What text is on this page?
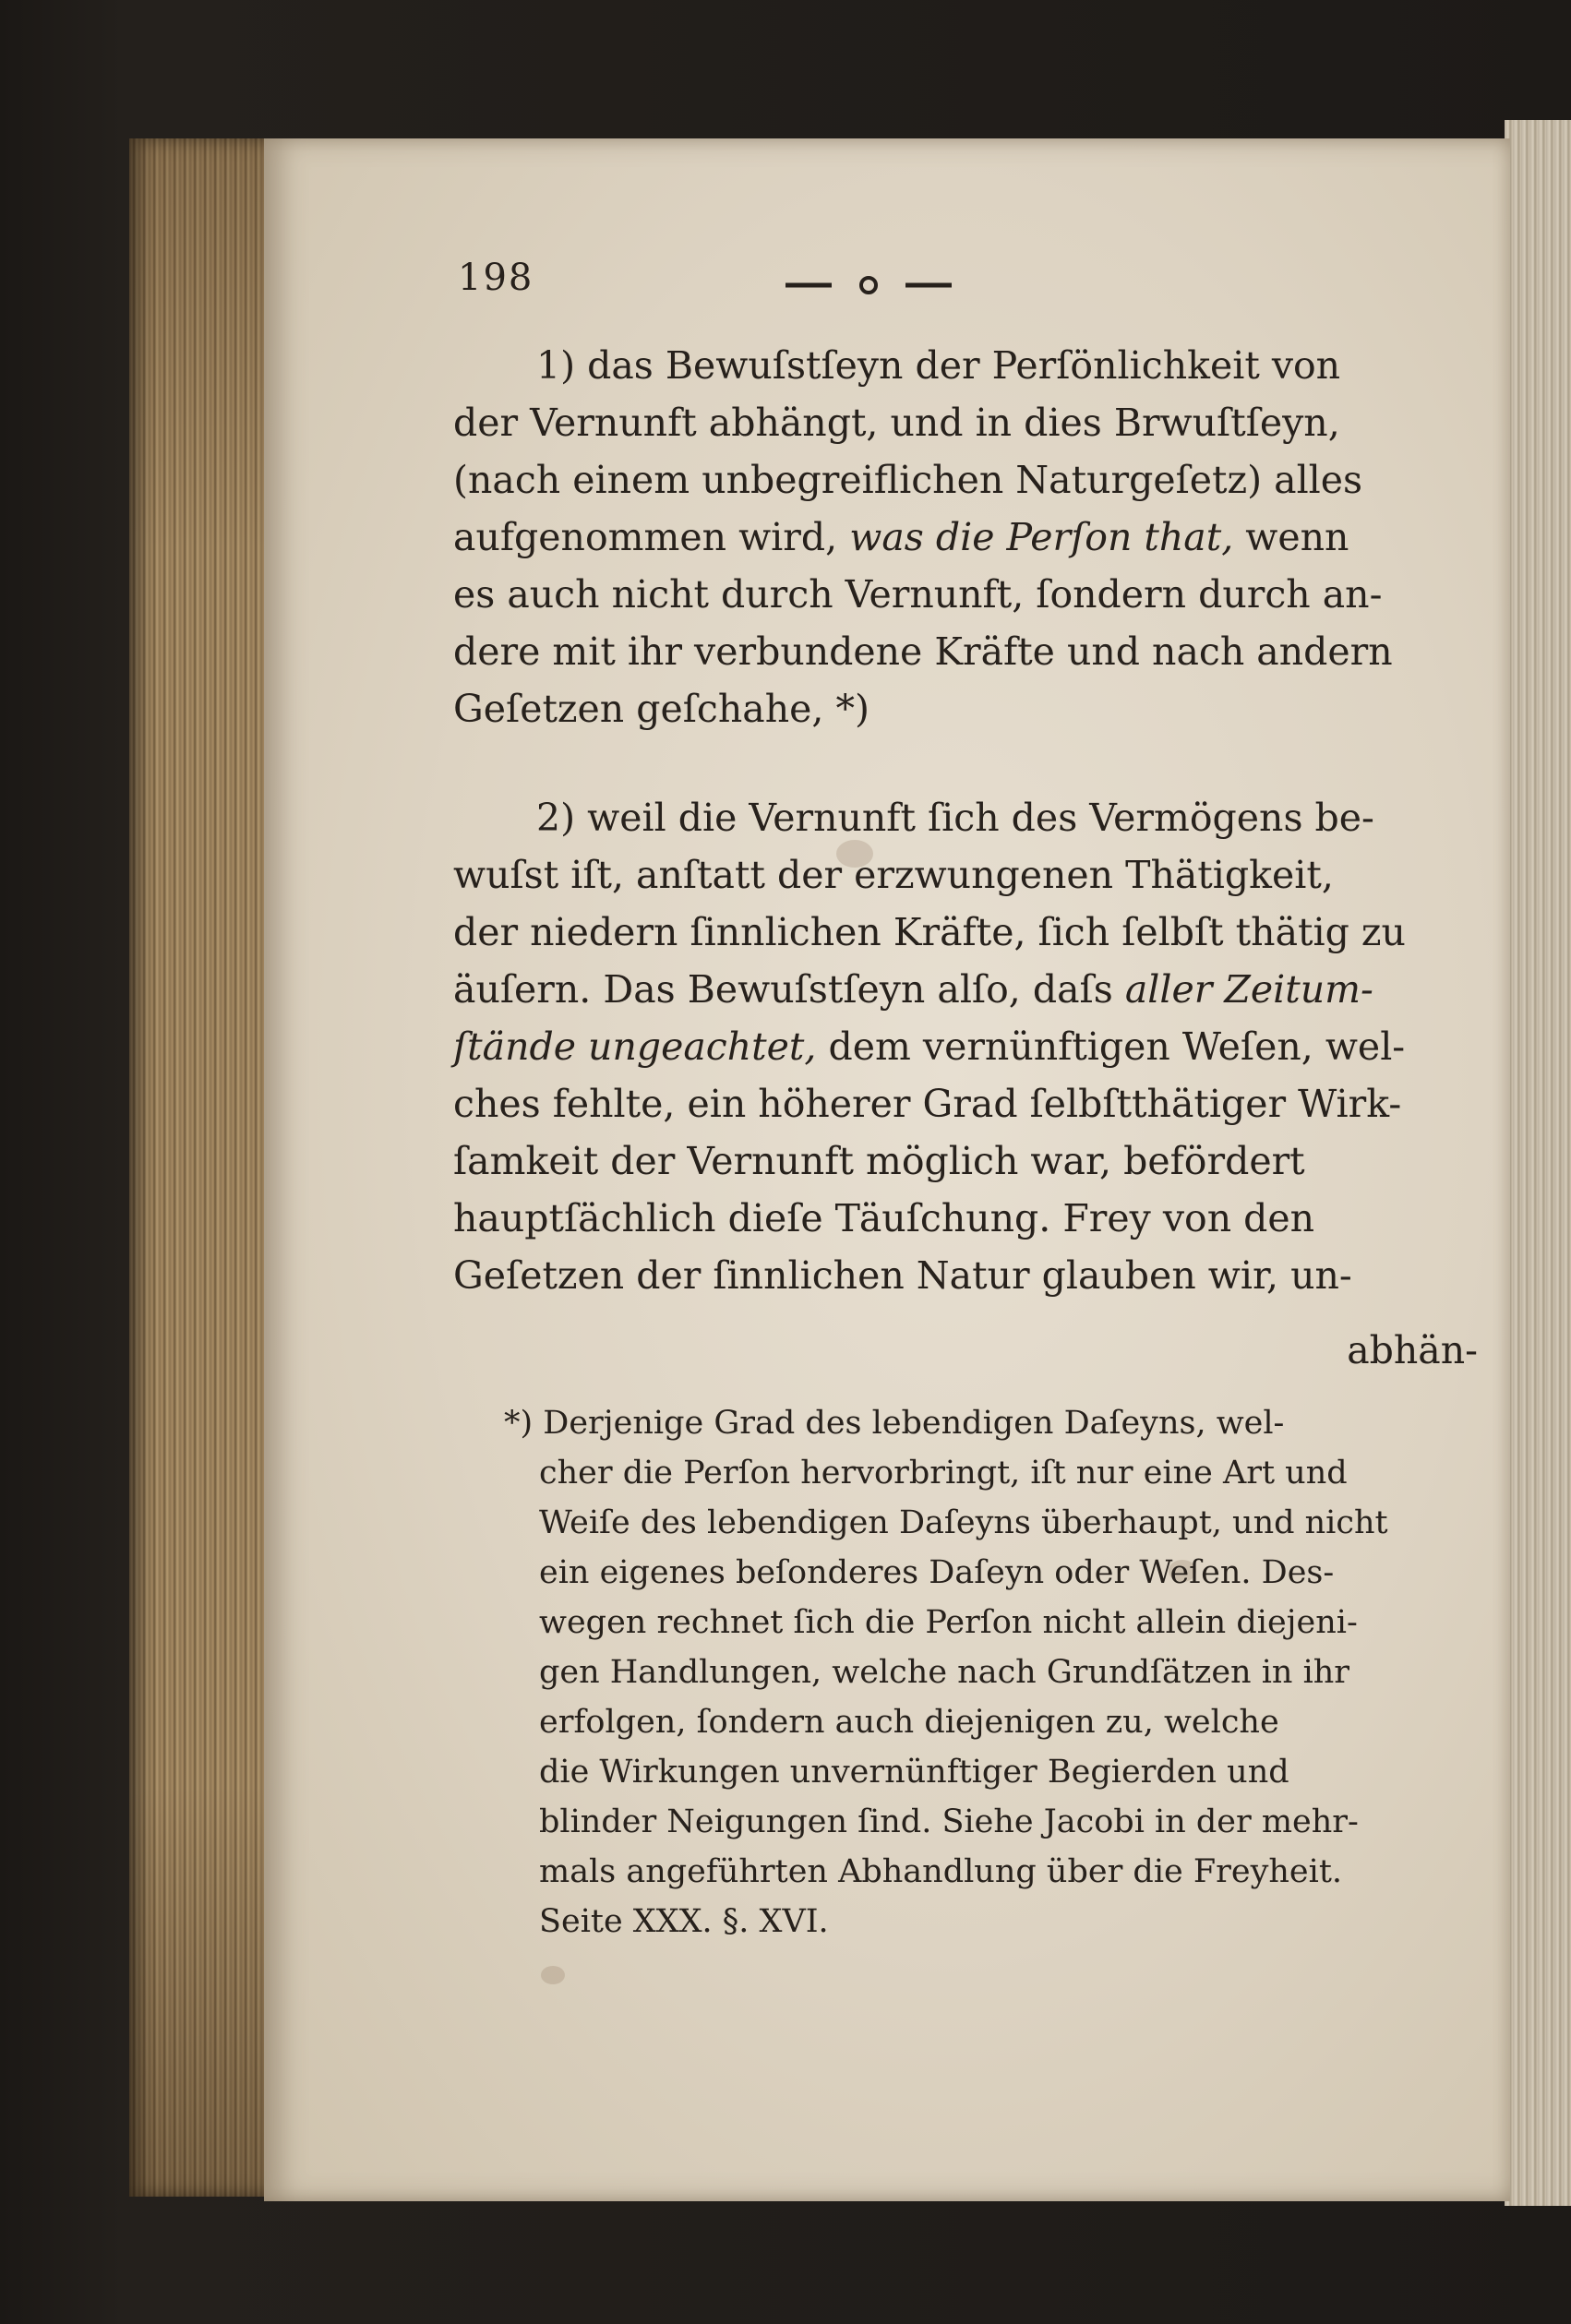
198
1) das Bewuſstſeyn der Perſönlichkeit von
der Vernunft abhängt, und in dies Brwuſtſeyn,
(nach einem unbegreiflichen Naturgeſetz) alles
aufgenommen wird, was die Perſon that, wenn
es auch nicht durch Vernunft, ſondern durch an-
dere mit ihr verbundene Kräfte und nach andern
Geſetzen geſchahe, *)
2) weil die Vernunft ſich des Vermögens be-
wuſst iſt, anſtatt der erzwungenen Thätigkeit,
der niedern ſinnlichen Kräfte, ſich ſelbſt thätig zu
äuſern. Das Bewuſstſeyn alſo, daſs aller Zeitum-
ſtände ungeachtet, dem vernünftigen Weſen, wel-
ches fehlte, ein höherer Grad ſelbſtthätiger Wirk-
ſamkeit der Vernunft möglich war, befördert
hauptſächlich dieſe Täuſchung. Frey von den
Geſetzen der ſinnlichen Natur glauben wir, un-
abhän-
*) Derjenige Grad des lebendigen Daſeyns, wel-
cher die Perſon hervorbringt, iſt nur eine Art und
Weiſe des lebendigen Daſeyns überhaupt, und nicht
ein eigenes beſonderes Daſeyn oder Weſen. Des-
wegen rechnet ſich die Perſon nicht allein diejeni-
gen Handlungen, welche nach Grundſätzen in ihr
erfolgen, ſondern auch diejenigen zu, welche
die Wirkungen unvernünftiger Begierden und
blinder Neigungen ſind. Siehe Jacobi in der mehr-
mals angeführten Abhandlung über die Freyheit.
Seite XXX. §. XVI.
